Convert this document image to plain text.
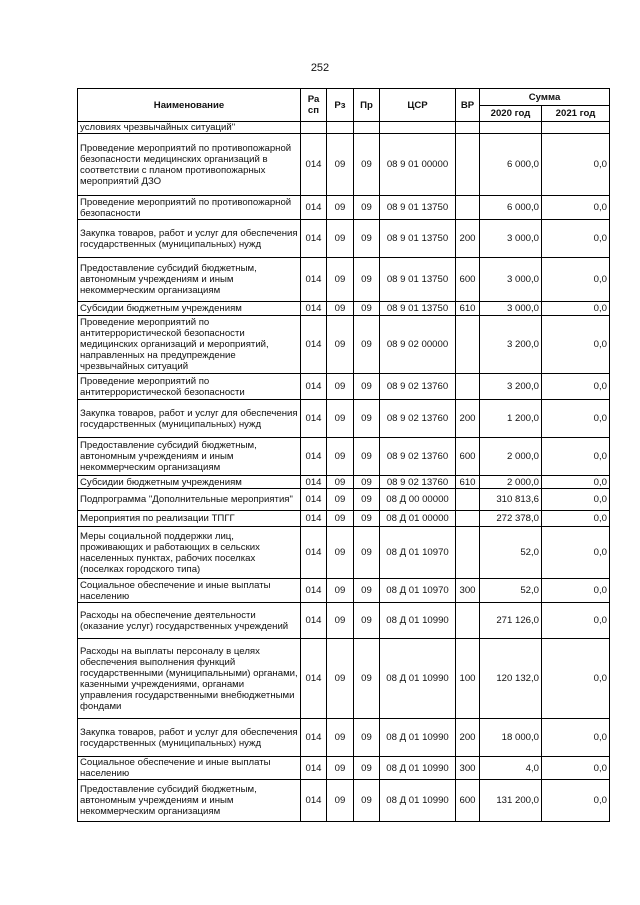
252
Наименование	Ра сп	Рз	Пр	ЦСР	ВР	Сумма	
						2020 год	2021 год
условиях чрезвычайных ситуаций"							
Проведение мероприятий по противопожарной безопасности медицинских организаций в соответствии с планом противопожарных мероприятий ДЗО	014	09	09	08 9 01 00000		6 000,0	0,0
Проведение мероприятий по противопожарной безопасности	014	09	09	08 9 01 13750		6 000,0	0,0
Закупка товаров, работ и услуг для обеспечения государственных (муниципальных) нужд	014	09	09	08 9 01 13750	200	3 000,0	0,0
Предоставление субсидий бюджетным, автономным учреждениям и иным некоммерческим организациям	014	09	09	08 9 01 13750	600	3 000,0	0,0
Субсидии бюджетным учреждениям	014	09	09	08 9 01 13750	610	3 000,0	0,0
Проведение мероприятий по антитеррористической безопасности медицинских организаций и мероприятий, направленных на предупреждение чрезвычайных ситуаций	014	09	09	08 9 02 00000		3 200,0	0,0
Проведение мероприятий по антитеррористической безопасности	014	09	09	08 9 02 13760		3 200,0	0,0
Закупка товаров, работ и услуг для обеспечения государственных (муниципальных) нужд	014	09	09	08 9 02 13760	200	1 200,0	0,0
Предоставление субсидий бюджетным, автономным учреждениям и иным некоммерческим организациям	014	09	09	08 9 02 13760	600	2 000,0	0,0
Субсидии бюджетным учреждениям	014	09	09	08 9 02 13760	610	2 000,0	0,0
Подпрограмма "Дополнительные мероприятия"	014	09	09	08 Д 00 00000		310 813,6	0,0
Мероприятия по реализации ТПГГ	014	09	09	08 Д 01 00000		272 378,0	0,0
Меры социальной поддержки лиц, проживающих и работающих в сельских населенных пунктах, рабочих поселках (поселках городского типа)	014	09	09	08 Д 01 10970		52,0	0,0
Социальное обеспечение и иные выплаты населению	014	09	09	08 Д 01 10970	300	52,0	0,0
Расходы на обеспечение деятельности (оказание услуг) государственных учреждений	014	09	09	08 Д 01 10990		271 126,0	0,0
Расходы на выплаты персоналу в целях обеспечения выполнения функций государственными (муниципальными) органами, казенными учреждениями, органами управления государственными внебюджетными фондами	014	09	09	08 Д 01 10990	100	120 132,0	0,0
Закупка товаров, работ и услуг для обеспечения государственных (муниципальных) нужд	014	09	09	08 Д 01 10990	200	18 000,0	0,0
Социальное обеспечение и иные выплаты населению	014	09	09	08 Д 01 10990	300	4,0	0,0
Предоставление субсидий бюджетным, автономным учреждениям и иным некоммерческим организациям	014	09	09	08 Д 01 10990	600	131 200,0	0,0
